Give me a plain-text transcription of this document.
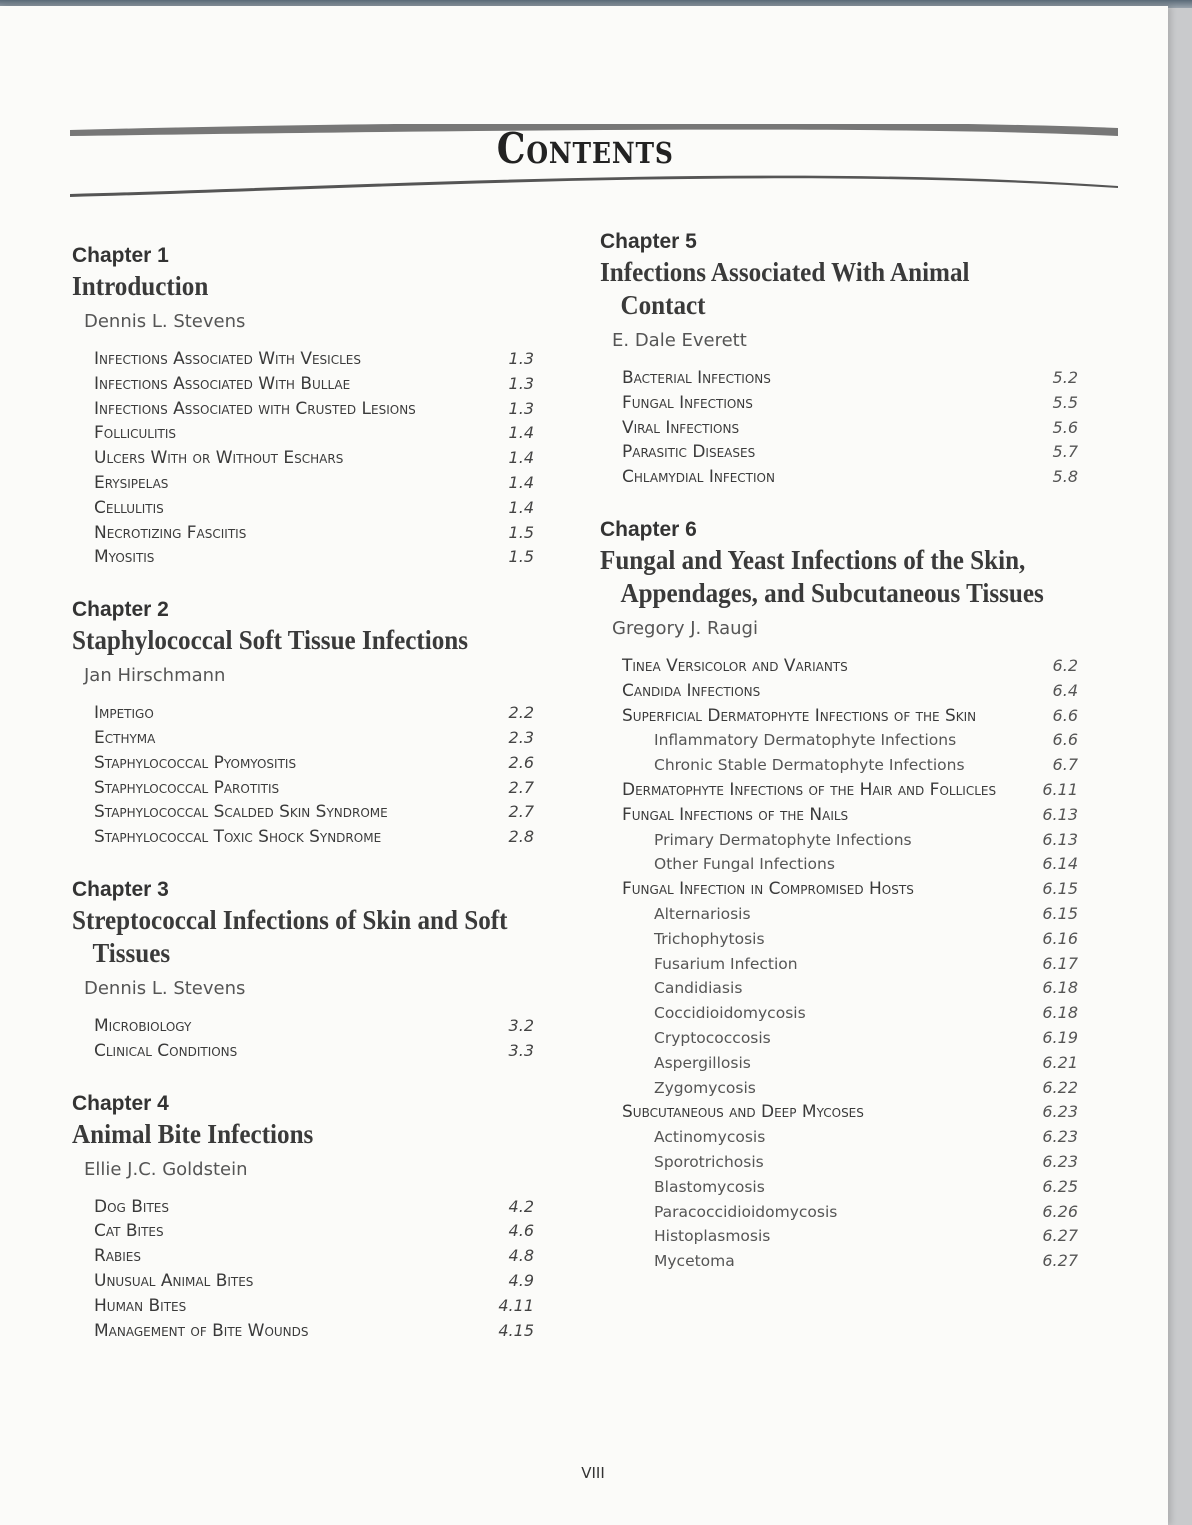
Contents
Chapter 1
Introduction
Dennis L. Stevens
Infections Associated With Vesicles	1.3
Infections Associated With Bullae	1.3
Infections Associated with Crusted Lesions	1.3
Folliculitis	1.4
Ulcers With or Without Eschars	1.4
Erysipelas	1.4
Cellulitis	1.4
Necrotizing Fasciitis	1.5
Myositis	1.5
Chapter 2
Staphylococcal Soft Tissue Infections
Jan Hirschmann
Impetigo	2.2
Ecthyma	2.3
Staphylococcal Pyomyositis	2.6
Staphylococcal Parotitis	2.7
Staphylococcal Scalded Skin Syndrome	2.7
Staphylococcal Toxic Shock Syndrome	2.8
Chapter 3
Streptococcal Infections of Skin and Soft Tissues
Dennis L. Stevens
Microbiology	3.2
Clinical Conditions	3.3
Chapter 4
Animal Bite Infections
Ellie J.C. Goldstein
Dog Bites	4.2
Cat Bites	4.6
Rabies	4.8
Unusual Animal Bites	4.9
Human Bites	4.11
Management of Bite Wounds	4.15
Chapter 5
Infections Associated With Animal Contact
E. Dale Everett
Bacterial Infections	5.2
Fungal Infections	5.5
Viral Infections	5.6
Parasitic Diseases	5.7
Chlamydial Infection	5.8
Chapter 6
Fungal and Yeast Infections of the Skin, Appendages, and Subcutaneous Tissues
Gregory J. Raugi
Tinea Versicolor and Variants	6.2
Candida Infections	6.4
Superficial Dermatophyte Infections of the Skin	6.6
Inflammatory Dermatophyte Infections	6.6
Chronic Stable Dermatophyte Infections	6.7
Dermatophyte Infections of the Hair and Follicles	6.11
Fungal Infections of the Nails	6.13
Primary Dermatophyte Infections	6.13
Other Fungal Infections	6.14
Fungal Infection in Compromised Hosts	6.15
Alternariosis	6.15
Trichophytosis	6.16
Fusarium Infection	6.17
Candidiasis	6.18
Coccidioidomycosis	6.18
Cryptococcosis	6.19
Aspergillosis	6.21
Zygomycosis	6.22
Subcutaneous and Deep Mycoses	6.23
Actinomycosis	6.23
Sporotrichosis	6.23
Blastomycosis	6.25
Paracoccidioidomycosis	6.26
Histoplasmosis	6.27
Mycetoma	6.27
VIII
